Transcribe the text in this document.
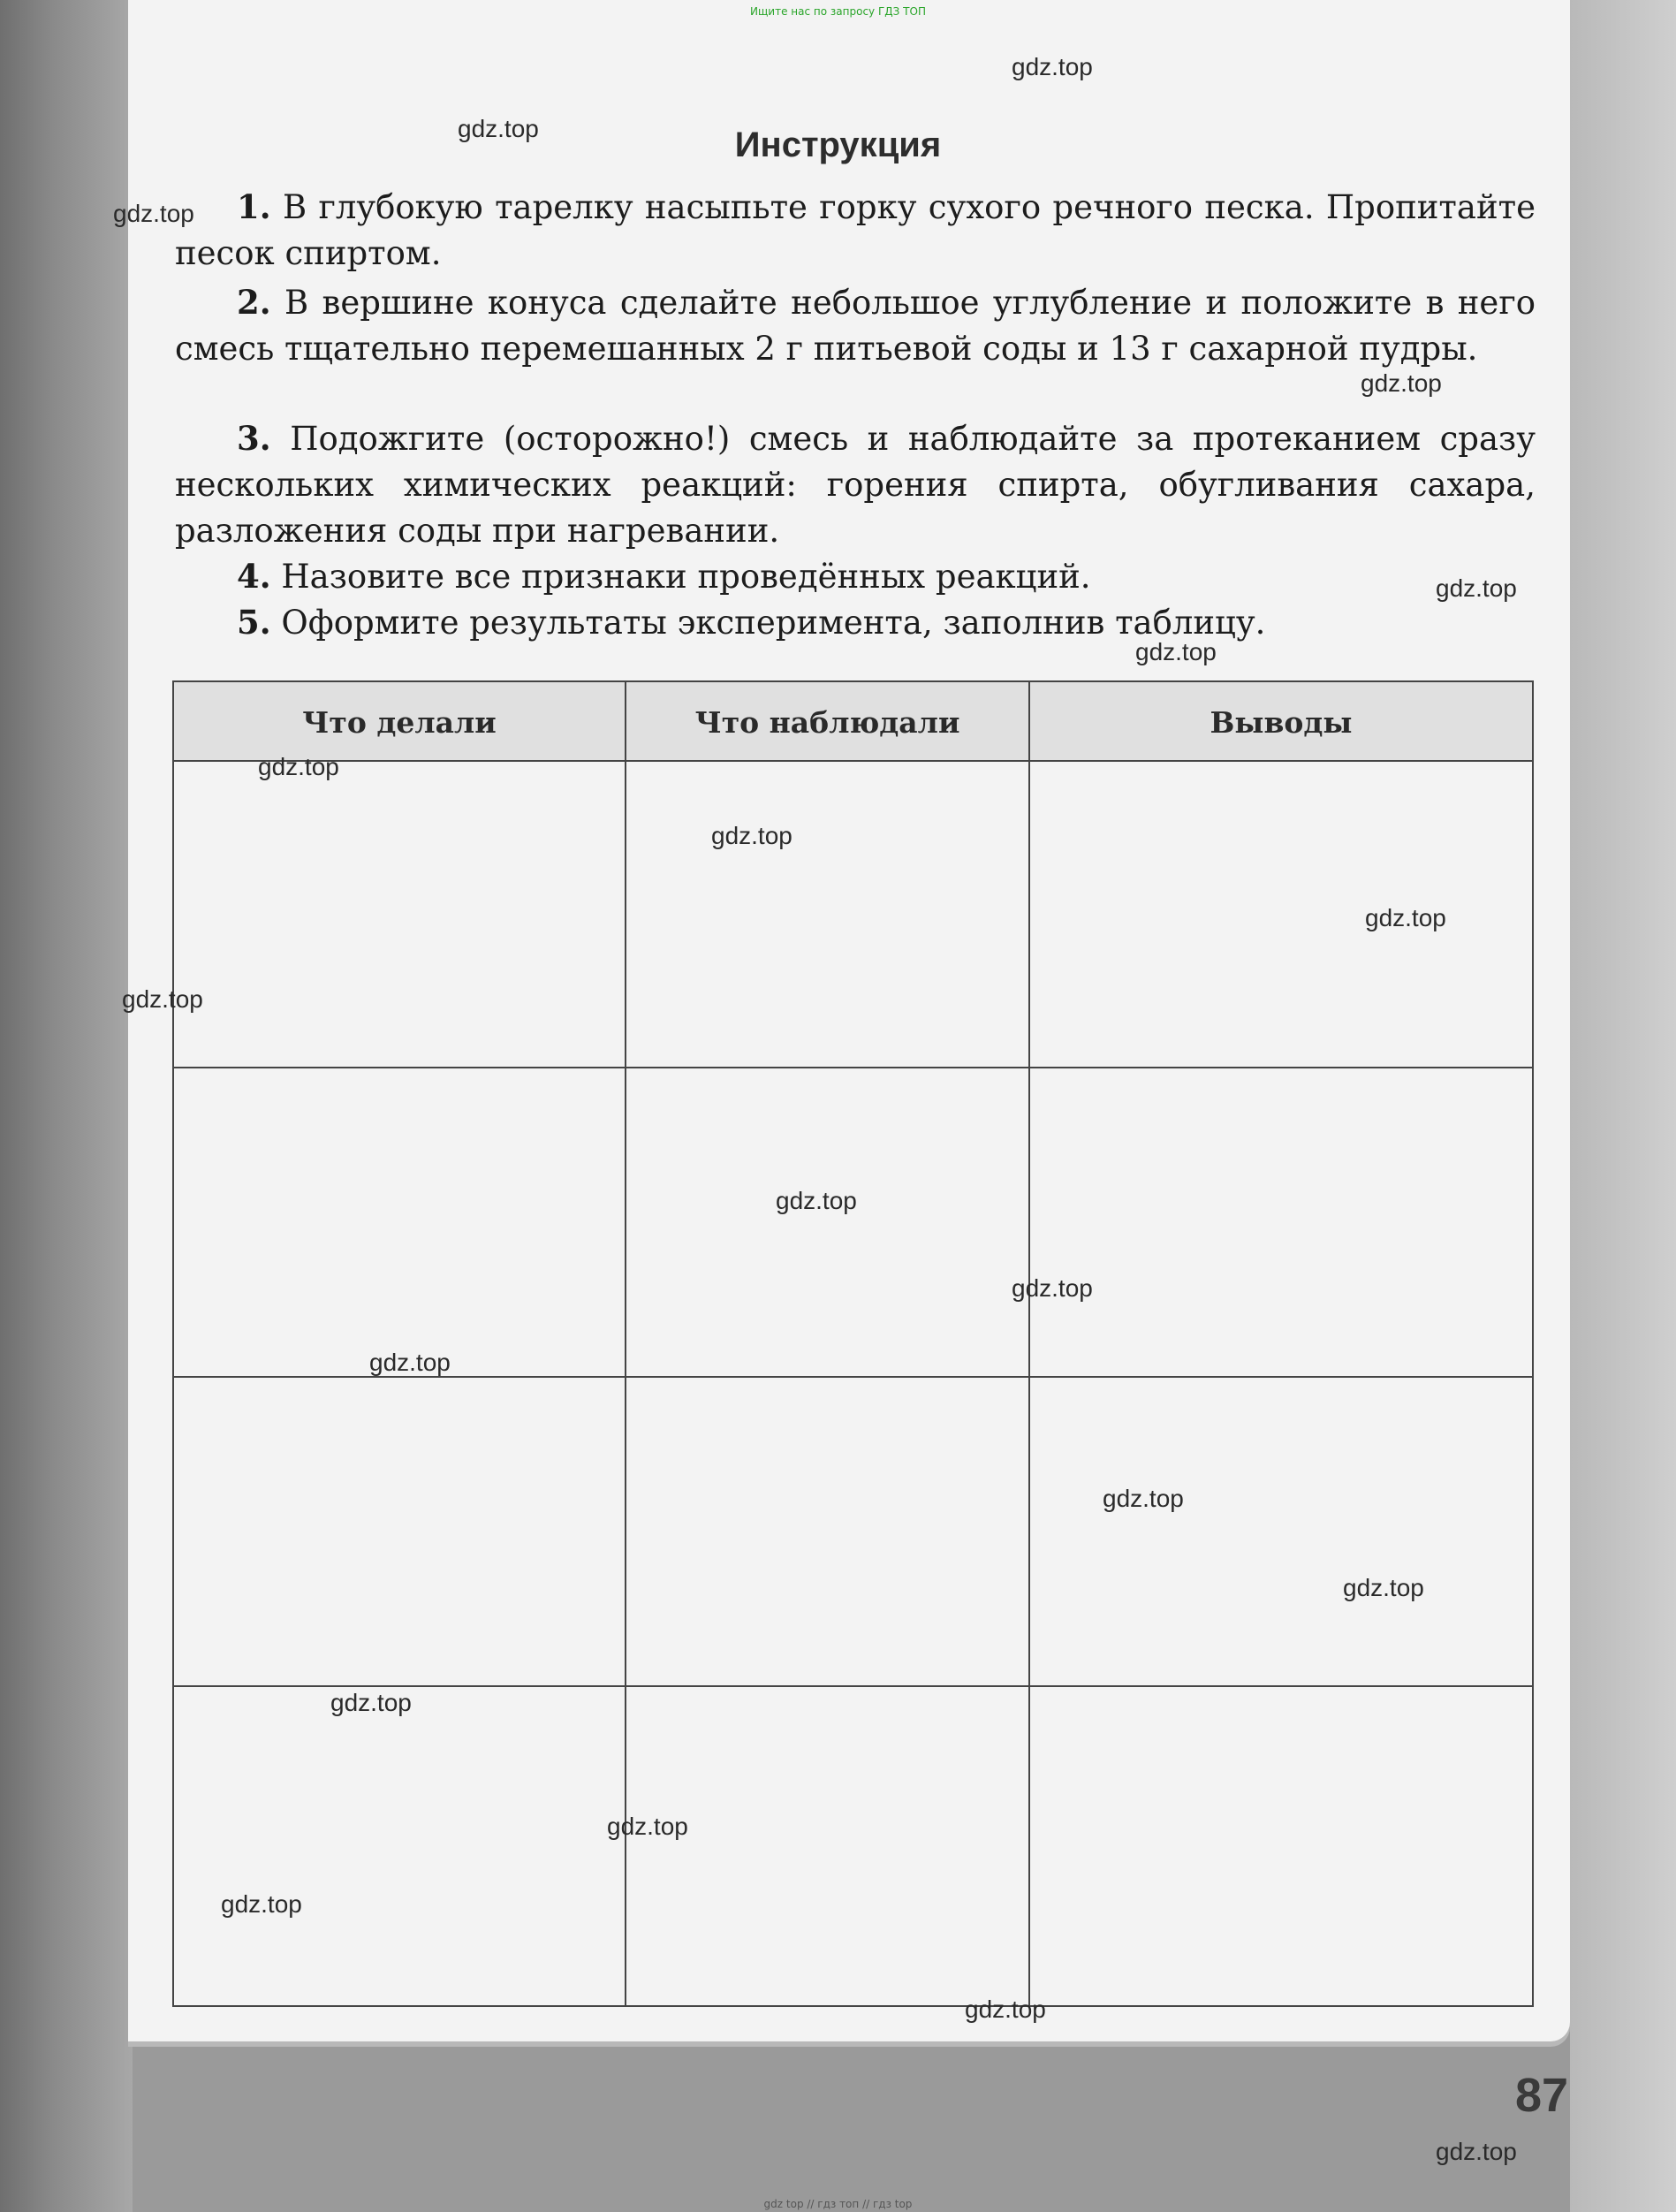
Ищите нас по запросу ГДЗ ТОП
Инструкция
1. В глубокую тарелку насыпьте горку сухого речного песка. Пропитайте песок спиртом.
2. В вершине конуса сделайте небольшое углубление и положите в него смесь тщательно перемешанных 2 г питьевой соды и 13 г сахарной пудры.
3. Подожгите (осторожно!) смесь и наблюдайте за протеканием сразу нескольких химических реакций: горения спирта, обугливания сахара, разложения соды при нагревании.
4. Назовите все признаки проведённых реакций.
5. Оформите результаты эксперимента, заполнив таблицу.
Что делали	Что наблюдали	Выводы
gdz.top
gdz.top
gdz.top
gdz.top
gdz.top
gdz.top
gdz.top
gdz.top
gdz.top
gdz.top
gdz.top
gdz.top
gdz.top
gdz.top
gdz.top
gdz.top
gdz.top
gdz.top
gdz.top
gdz.top
87
gdz top // гдз топ // гдз top
